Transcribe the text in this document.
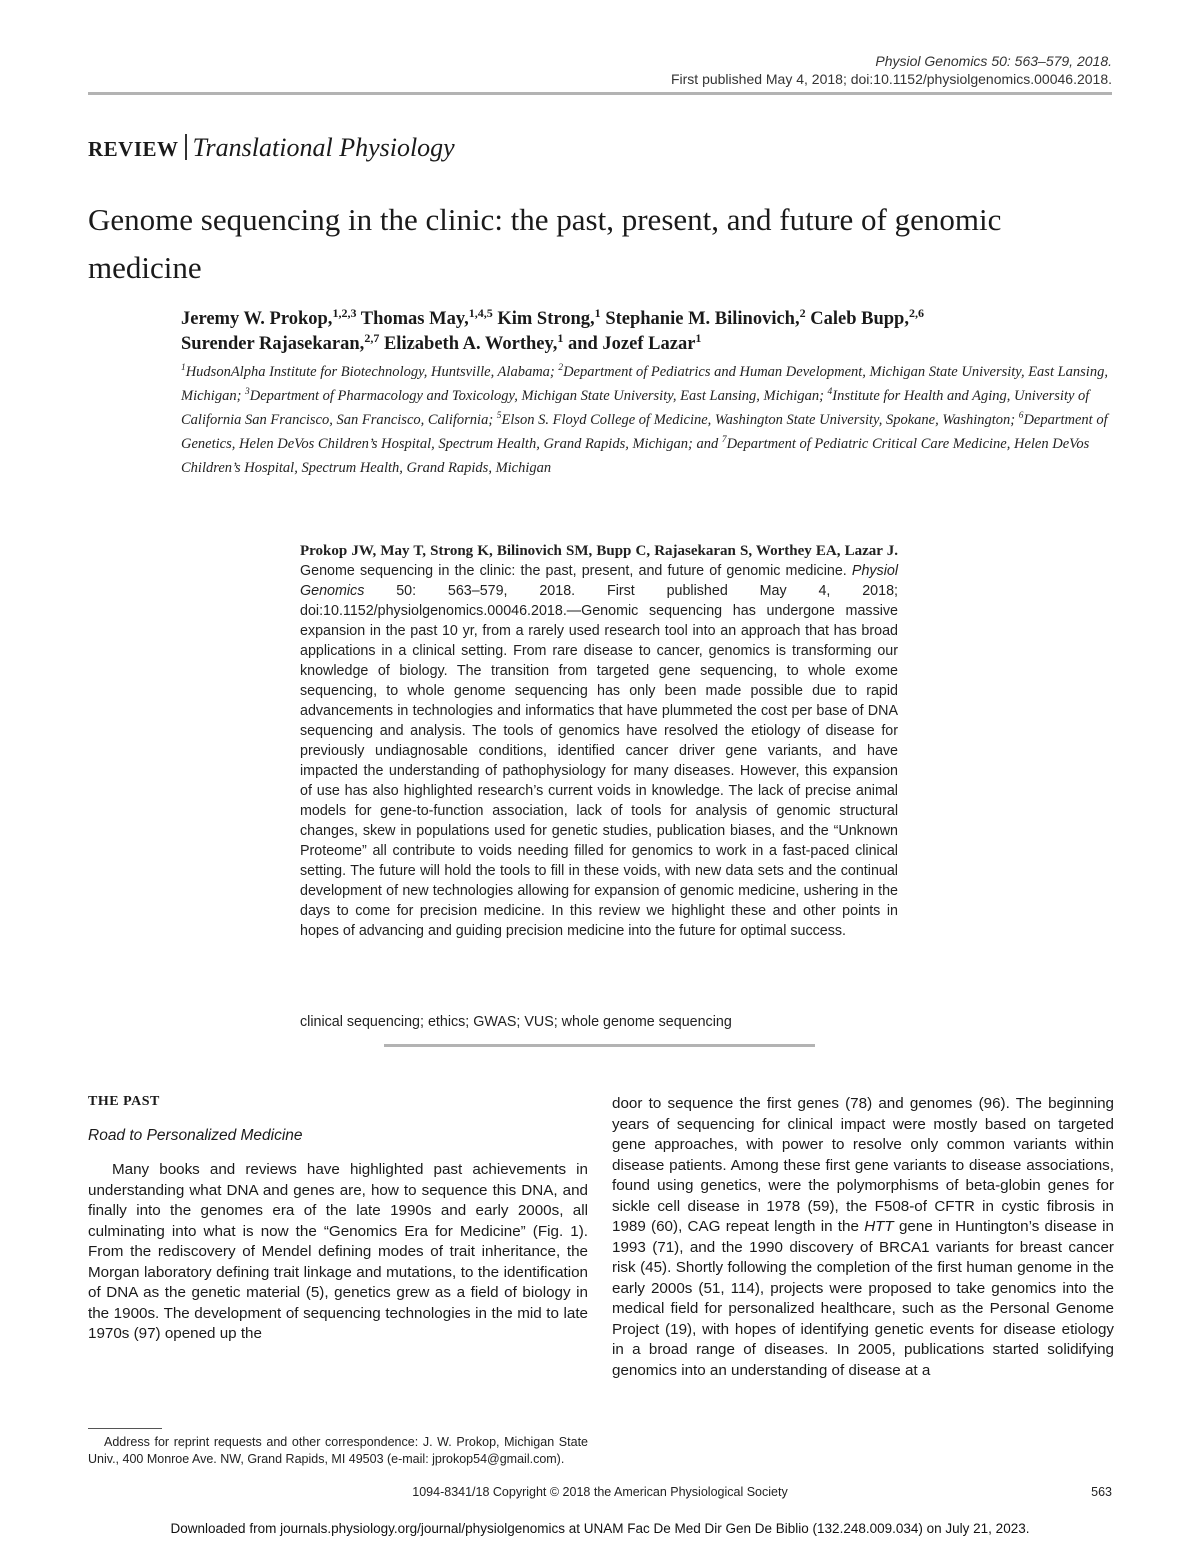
Physiol Genomics 50: 563–579, 2018.
First published May 4, 2018; doi:10.1152/physiolgenomics.00046.2018.
REVIEW Translational Physiology
Genome sequencing in the clinic: the past, present, and future of genomic medicine
Jeremy W. Prokop,$^{1,2,3}$ Thomas May,$^{1,4,5}$ Kim Strong,$^1$ Stephanie M. Bilinovich,$^2$ Caleb Bupp,$^{2,6}$
Surender Rajasekaran,$^{2,7}$ Elizabeth A. Worthey,$^1$ and Jozef Lazar$^1$
$^1$HudsonAlpha Institute for Biotechnology, Huntsville, Alabama; $^2$Department of Pediatrics and Human Development, Michigan State University, East Lansing, Michigan; $^3$Department of Pharmacology and Toxicology, Michigan State University, East Lansing, Michigan; $^4$Institute for Health and Aging, University of California San Francisco, San Francisco, California; $^5$Elson S. Floyd College of Medicine, Washington State University, Spokane, Washington; $^6$Department of Genetics, Helen DeVos Children’s Hospital, Spectrum Health, Grand Rapids, Michigan; and $^7$Department of Pediatric Critical Care Medicine, Helen DeVos Children’s Hospital, Spectrum Health, Grand Rapids, Michigan
Prokop JW, May T, Strong K, Bilinovich SM, Bupp C, Rajasekaran S, Worthey EA, Lazar J. Genome sequencing in the clinic: the past, present, and future of genomic medicine. Physiol Genomics 50: 563–579, 2018. First published May 4, 2018; doi:10.1152/physiolgenomics.00046.2018.—Genomic sequencing has undergone massive expansion in the past 10 yr, from a rarely used research tool into an approach that has broad applications in a clinical setting. From rare disease to cancer, genomics is transforming our knowledge of biology. The transition from targeted gene sequencing, to whole exome sequencing, to whole genome sequencing has only been made possible due to rapid advancements in technologies and informatics that have plummeted the cost per base of DNA sequencing and analysis. The tools of genomics have resolved the etiology of disease for previously undiagnosable conditions, identified cancer driver gene variants, and have impacted the understanding of pathophysiology for many diseases. However, this expansion of use has also highlighted research’s current voids in knowledge. The lack of precise animal models for gene-to-function association, lack of tools for analysis of genomic structural changes, skew in populations used for genetic studies, publication biases, and the “Unknown Proteome” all contribute to voids needing filled for genomics to work in a fast-paced clinical setting. The future will hold the tools to fill in these voids, with new data sets and the continual development of new technologies allowing for expansion of genomic medicine, ushering in the days to come for precision medicine. In this review we highlight these and other points in hopes of advancing and guiding precision medicine into the future for optimal success.
clinical sequencing; ethics; GWAS; VUS; whole genome sequencing
THE PAST
Road to Personalized Medicine

Many books and reviews have highlighted past achievements in understanding what DNA and genes are, how to sequence this DNA, and finally into the genomes era of the late 1990s and early 2000s, all culminating into what is now the “Genomics Era for Medicine” (Fig. 1). From the rediscovery of Mendel defining modes of trait inheritance, the Morgan laboratory defining trait linkage and mutations, to the identification of DNA as the genetic material (5), genetics grew as a field of biology in the 1900s. The development of sequencing technologies in the mid to late 1970s (97) opened up the

door to sequence the first genes (78) and genomes (96). The beginning years of sequencing for clinical impact were mostly based on targeted gene approaches, with power to resolve only common variants within disease patients. Among these first gene variants to disease associations, found using genetics, were the polymorphisms of beta-globin genes for sickle cell disease in 1978 (59), the F508-of CFTR in cystic fibrosis in 1989 (60), CAG repeat length in the HTT gene in Huntington’s disease in 1993 (71), and the 1990 discovery of BRCA1 variants for breast cancer risk (45). Shortly following the completion of the first human genome in the early 2000s (51, 114), projects were proposed to take genomics into the medical field for personalized healthcare, such as the Personal Genome Project (19), with hopes of identifying genetic events for disease etiology in a broad range of diseases. In 2005, publications started solidifying genomics into an understanding of disease at a

Address for reprint requests and other correspondence: J. W. Prokop, Michigan State Univ., 400 Monroe Ave. NW, Grand Rapids, MI 49503 (e-mail: jprokop54@gmail.com).
1094-8341/18 Copyright © 2018 the American Physiological Society	563
Downloaded from journals.physiology.org/journal/physiolgenomics at UNAM Fac De Med Dir Gen De Biblio (132.248.009.034) on July 21, 2023.
